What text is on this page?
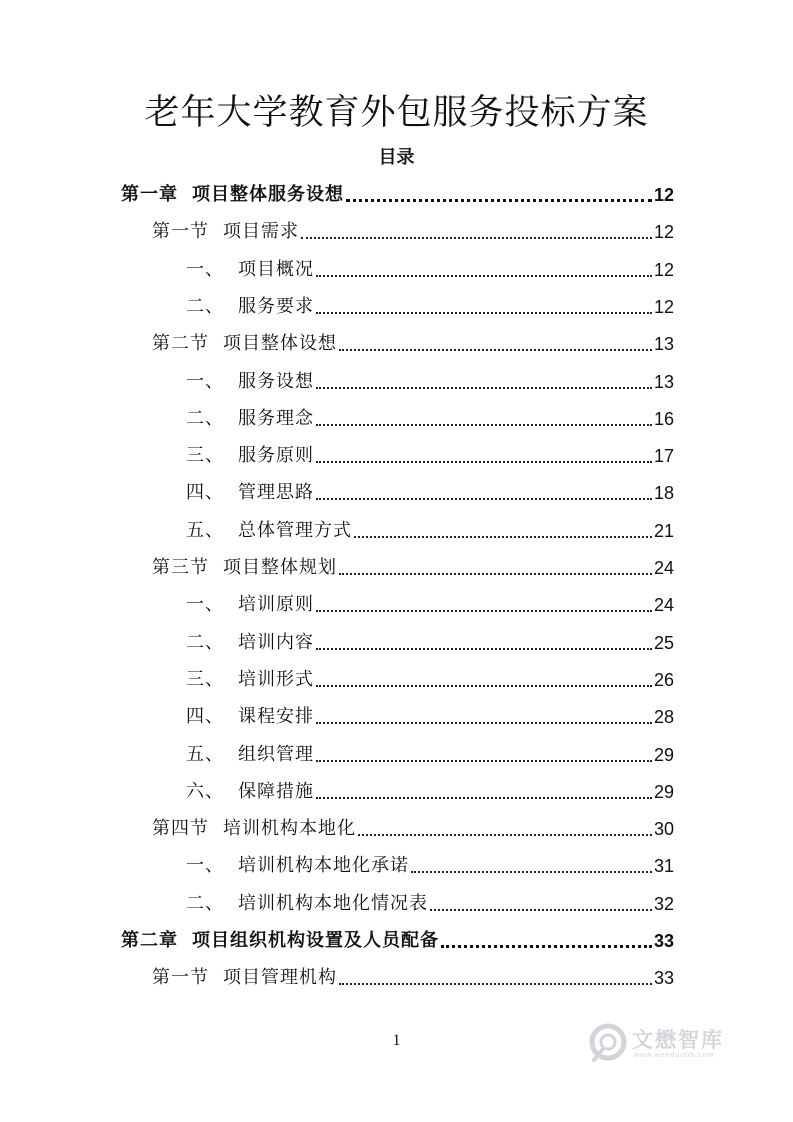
老年大学教育外包服务投标方案
目录
第一章 项目整体服务设想	12
第一节 项目需求	12
一、 项目概况	12
二、 服务要求	12
第二节 项目整体设想	13
一、 服务设想	13
二、 服务理念	16
三、 服务原则	17
四、 管理思路	18
五、 总体管理方式	21
第三节 项目整体规划	24
一、 培训原则	24
二、 培训内容	25
三、 培训形式	26
四、 课程安排	28
五、 组织管理	29
六、 保障措施	29
第四节 培训机构本地化	30
一、 培训机构本地化承诺	31
二、 培训机构本地化情况表	32
第二章 项目组织机构设置及人员配备	33
第一节 项目管理机构	33
1	文懋智库
www.wenduolib.com
